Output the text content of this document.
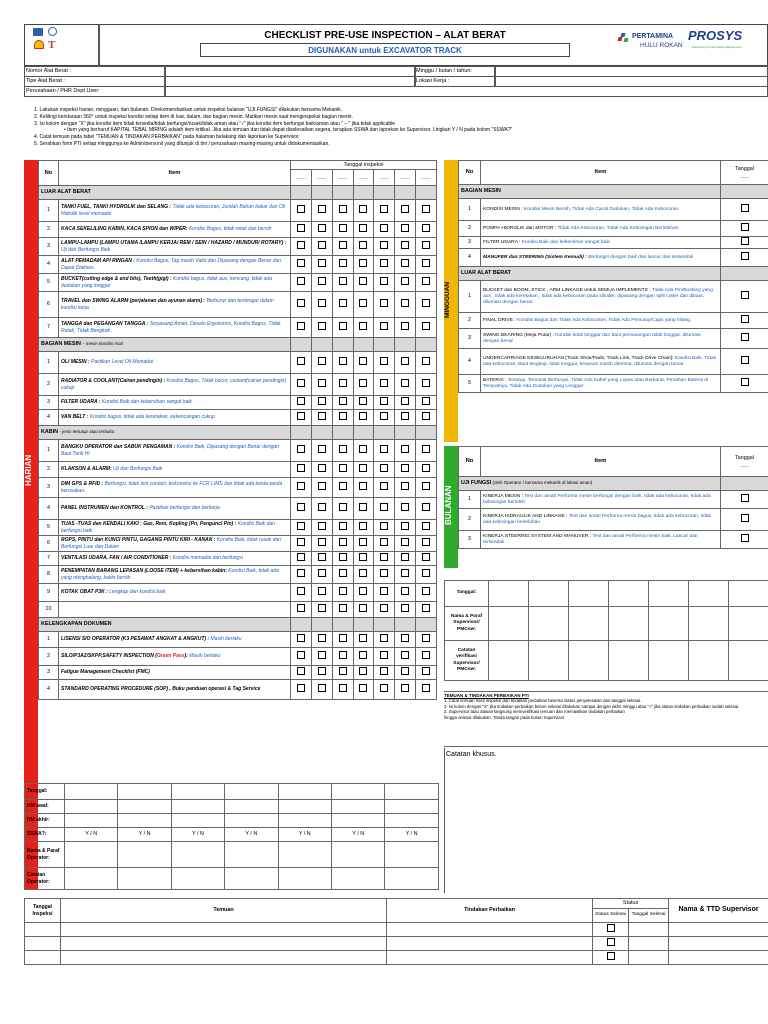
T
CHECKLIST PRE-USE INSPECTION – ALAT BERAT
DIGUNAKAN untuk EXCAVATOR TRACK
PERTAMINA
HULU ROKAN
PROSYS
Enhancing Process Safety Management
Nomor Alat Berat :
Tipe Alat Berat :
Perusahaan / PHR Dept User:
Minggu / bulan / tahun:
Lokasi Kerja :
1. Lakukan inspeksi harian, mingguan, dan bulanan. Direkomendasikan untuk inspeksi bulanan "UJI FUNGSI" dilakukan bersama Mekanik.
2. Kelilingi kendaraan 360° untuk inspeksi kondisi setiap item di luar, dalam, dan bagian mesin. Matikan mesin saat menginspeksi bagian mesin.
3. Isi kolom dengan "X" jika kondisi item tidak tersedia/tidak berfungsi/rusak/tidak aman atau "√" jika kondisi item berfungsi baik/aman atau " – " jika tidak applicable
• Item yang berhuruf KAPITAL TEBAL MIRING adalah item kritikal. Jika ada temuan dan tidak dapat diselesaikan segera, terapkan SSWA dan laporkan ke Supervisor. Lingkari Y / N pada kolom "SSWA?"
4. Catat temuan pada tabel "TEMUAN & TINDAKAN PERBAIKAN" pada halaman belakang dan laporkan ke Supervisor.
5. Serahkan form PTI setiap minggunya ke Admin/personil yang ditunjuk di tim / perusahaan masing-masing untuk didokumentasikan.
HARIAN
No	Item	Tanggal inspeksi						
		___	___	___	___	___	___	___
LUAR ALAT BERAT								
1	TANKI FUEL, TANKI HYDROLIK dan SELANG : Tidak ada kebocoran, Jumlah Bahan bakar dan Oli Hidrolik level memadai							
2	KACA SEKELILING KABIN, KACA SPION dan WIPER: Kondisi Bagus, tidak retak dan bersih							
3	LAMPU-LAMPU (LAMPU UTAMA /LAMPU KERJA/ REM / SEIN / HAZARD / MUNDUR/ ROTARY) : Uji dan Berfungsi Baik							
4	ALAT PEMADAM API RINGAN : Kondisi Bagus, Tag masih Valid dan Dipasang dengan Benar dan Dapat Diakses.							
5	BUCKET(cutting edge & end bits), Teeth(gigi) : Kondisi bagus, tidak aus, kencang, tidak ada dudukan yang longgar							
6	TRAVEL dan SWING ALARM (perjalanan dan ayunan alarm) : Berbunyi dan terdengar dalam kondisi kerja							
7	TANGGA dan PEGANGAN TANGGA : Terpasang Aman, Desain Ergonomis, Kondisi Bagus, Tidak Retak, Tidak Bengkok.							
BAGIAN MESIN – mesin kondisi mati								
1	OLI MESIN : Pastikan Level Oli Memadai							
2	RADIATOR & COOLANT(Cairan pendingin) : Kondisi Bagus, Tidak bocor, coolant(cairan pendingin) cukup							
3	FILTER UDARA : Kondisi Baik dan kebersihan sangat baik							
4	VAN BELT : Kondisi bagus, tidak ada keretakan, kekencangan cukup							
KABIN - jenis tertutup atau terbuka								
1	BANGKU OPERATOR dan SABUK PENGAMAN : Kondisi Baik, Dipasang dengan Benar dengan Baut Tarik Hi							
2	KLAKSON & ALARM: Uji dan Berfungsi Baik							
3	DIM GPS & RFID : Berfungsi, tidak lost contact, terkoneksi ke FCR LIMS dan tidak ada tanda-tanda kerusakan.							
4	PANEL INSTRUMEN dan KONTROL : Pastikan berfungsi dan berkerja.							
5	TUAS -TUAS dan KENDALI KAKI : Gas, Rem, Kopling (Pn, Penguncl Pin) : Kondisi Baik dan berfungsi baik							
6	ROPS, PINTU dan KUNCI PINTU, GAGANG PINTU KIRI - KANAN : Kondisi Baik, tidak rusak dan Berfungsi Luar dan Dalam							
7	VENTILASI UDARA, FAN / AIR CONDITIONER : Kondisi memadai dan berfungsi							
8	PENEMPATAN BARANG LEPASAN (LOOSE ITEM) + kebersihan kabin: Kondisi Baik, tidak ada yang menghalang, kabin bersih							
9	KOTAK OBAT P3K : Lengkap dan kondisi baik							
10								
KELENGKAPAN DOKUMEN								
1	LISENSI SIO OPERATOR (K3 PESAWAT ANGKAT & ANGKUT) : Masih berlaku							
2	SILO/P3A2/SKPP,SAFETY INSPECTION (Green Pass): Masih berlaku							
3	Fatigue Management Checklist (FMC)							
4	STANDARD OPERATING PROCEDURE (SOP) , Buku panduan operasi & Tag Service							
MINGGUAN
No	Item	Tanggal
___
BAGIAN MESIN		
1	KONDISI MESIN : Kondisi Mesin Bersih, Tidak Ada Cacat Dudukan, Tidak Ada Kebocoran.	
2	POMPA HIDROLIK dan MOTOR : Tidak Ada Kebocoran, Tidak Ada Kebisingan Berlebihan	
3	FILTER UDARA : Kondisi Baik dan kebersihan sangat baik	
4	MANUFER dan STEERING (Sistem Kemudi) : Berfungsi dengan baik dan lancar dan terkendali	
LUAR ALAT BERAT		
1	BUCKET dan BOOM, STICK , ARM LINKAGE untuk SEMUA IMPLEMENTS : Tidak Ada Pin/Bushing yang aus , tidak ada keretakan , tidak ada kebocoran pada silinder, dipasang dengan split cotter dan dibaut, dilumasi dengan benar.	
2	FINAL DRIVE : Kondisi Bagus dan Tidak Ada Kebocoran, Tidak Ada Pemutup/Caps yang hilang.	
3	SWING BEARING (Meja Putar) : Kondisi tidak longgar dan baut pemasangan tidak longgar, dilumasi dengan benar	
4	UNDERCARRIAGE KESELURUHAN [Track Shoe/Pads, Track Link, Track Drive Chain]: Kondisi Baik, Tidak ada kebocoran, Baut lengkap, tidak longgar, keausan masih diterima, dilumasi dengan benar.	
5	BATERAI : Tertutup, Terminal Berfungsi, Tidak Ada Kabel yang Lepas atau Berkarat, Penahan Baterai di Tempatnya, Tidak Ada Dudukan yang Longgar	
BULANAN
No	Item	Tanggal
___
UJI FUNGSI (oleh Operator / bersama mekanik di lokasi aman)		
1	KINERJA MESIN : Test dan amati Performa mesin berfungsi dengan baik, tidak ada kebocoran, tidak ada kebisingan berlebih	
2	KINERJA HIDRAULIK AND LINKAGE : Test dan amati Performa mesin bagus, tidak ada kebocoran, tidak ada kebisingan berlebihan	
3	KINERJA STEERING SYSTEM AND MANUVER : Test dan amati Performa mesin baik. Lancar dan terkendali.	
Tanggal:							
Nama & Paraf Supervisor/ PMCow:							
Catatan verifikasi Supervisor/ PMCow:							
TEMUAN & TINDAKAN PERBAIKAN PTI
1. Catat temuan hasil inspeksi dan tindakan perbaikan beserta status penyelesaian dan tanggal selesai.
2. Isi kolom dengan "X" jika tindakan perbaikan belum selesai dilakukan sampai dengan akhir minggu atau "√" jika status tindakan perbaikan sudah selesai.
3. Supervisor atau atasan langsung memverifikasi temuan dan memastikan tindakan perbaikan
hingga selesai dilakukan. Tanda tangan pada kolom Supervisor
Catatan khusus.
Tanggal:							
HM awal:							
HM akhir:							
SSWA?:	Y / N	Y / N	Y / N	Y / N	Y / N	Y / N	Y / N
Nama & Paraf Operator:							
Catatan Operator:							
Tanggal Inspeksi	Temuan	Tindakan Perbaikan	Status		Nama & TTD Supervisor
			Status Selesai	Tanggal Selesai	
